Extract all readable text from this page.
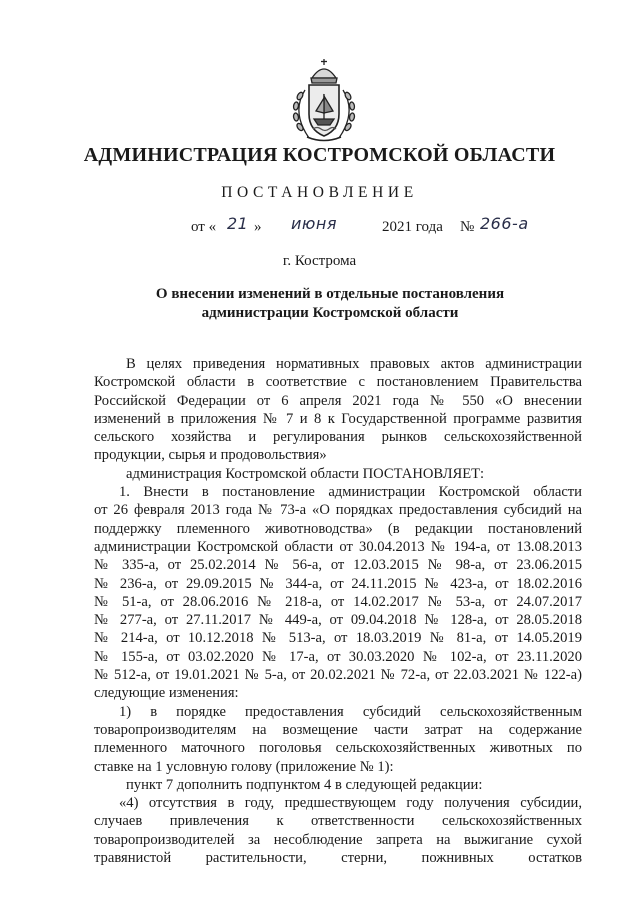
АДМИНИСТРАЦИЯ КОСТРОМСКОЙ ОБЛАСТИ
ПОСТАНОВЛЕНИЕ
от « 21 » июня	2021 года № 266-а
г. Кострома
О внесении изменений в отдельные постановления
администрации Костромской области
В целях приведения нормативных правовых актов администрации
Костромской области в соответствие с постановлением Правительства
Российской Федерации от 6 апреля 2021 года № 550 «О внесении
изменений в приложения № 7 и 8 к Государственной программе развития
сельского хозяйства и регулирования рынков сельскохозяйственной
продукции, сырья и продовольствия»
администрация Костромской области ПОСТАНОВЛЯЕТ:
1. Внести в постановление администрации Костромской области
от 26 февраля 2013 года № 73-а «О порядках предоставления субсидий на
поддержку племенного животноводства» (в редакции постановлений
администрации Костромской области от 30.04.2013 № 194-а, от 13.08.2013
№ 335-а, от 25.02.2014 № 56-а, от 12.03.2015 № 98-а, от 23.06.2015
№ 236-а, от 29.09.2015 № 344-а, от 24.11.2015 № 423-а, от 18.02.2016
№ 51-а, от 28.06.2016 № 218-а, от 14.02.2017 № 53-а, от 24.07.2017
№ 277-а, от 27.11.2017 № 449-а, от 09.04.2018 № 128-а, от 28.05.2018
№ 214-а, от 10.12.2018 № 513-а, от 18.03.2019 № 81-а, от 14.05.2019
№ 155-а, от 03.02.2020 № 17-а, от 30.03.2020 № 102-а, от 23.11.2020
№ 512-а, от 19.01.2021 № 5-а, от 20.02.2021 № 72-а, от 22.03.2021 № 122-а)
следующие изменения:
1) в порядке предоставления субсидий сельскохозяйственным
товаропроизводителям на возмещение части затрат на содержание
племенного маточного поголовья сельскохозяйственных животных по
ставке на 1 условную голову (приложение № 1):
пункт 7 дополнить подпунктом 4 в следующей редакции:
«4) отсутствия в году, предшествующем году получения субсидии,
случаев привлечения к ответственности сельскохозяйственных
товаропроизводителей за несоблюдение запрета на выжигание сухой
травянистой растительности, стерни, пожнивных остатков
